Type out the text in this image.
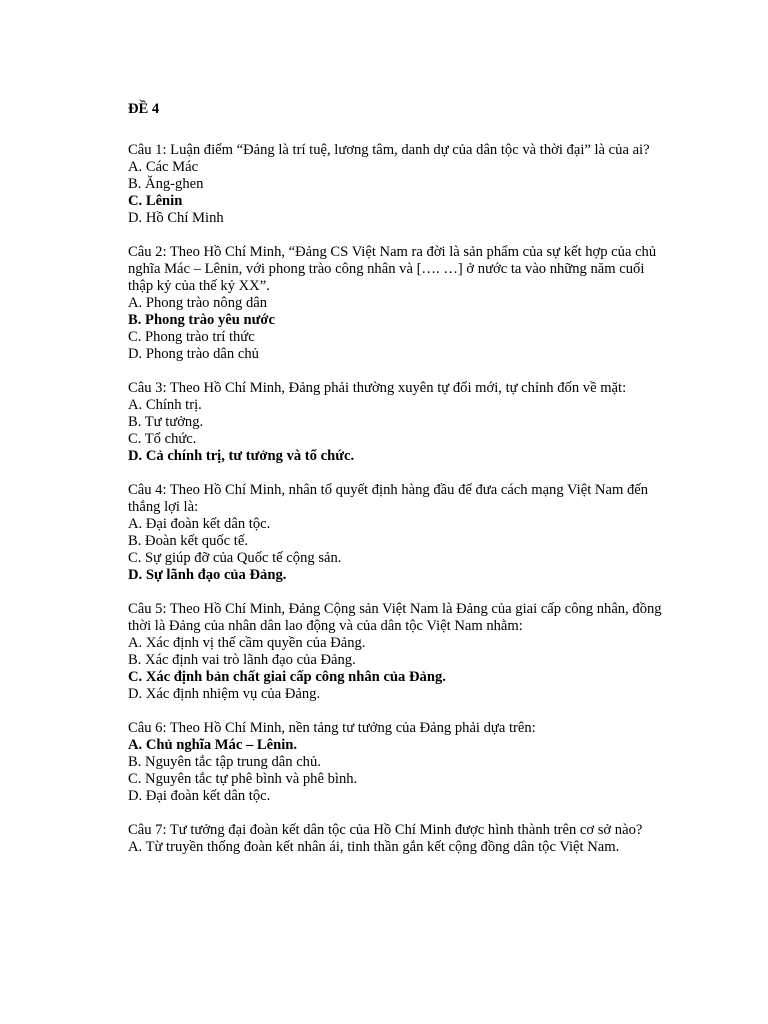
ĐỀ 4
Câu 1: Luận điểm “Đảng là trí tuệ, lương tâm, danh dự của dân tộc và thời đại” là của ai?
A. Các Mác
B. Ăng-ghen
C. Lênin
D. Hồ Chí Minh
Câu 2: Theo Hồ Chí Minh, “Đảng CS Việt Nam ra đời là sản phẩm của sự kết hợp của chủ nghĩa Mác – Lênin, với phong trào công nhân và […. …] ở nước ta vào những năm cuối thập kỷ của thế kỷ XX”.
A. Phong trào nông dân
B. Phong trào yêu nước
C. Phong trào trí thức
D. Phong trào dân chủ
Câu 3: Theo Hồ Chí Minh, Đảng phải thường xuyên tự đổi mới, tự chỉnh đốn về mặt:
A. Chính trị.
B. Tư tưởng.
C. Tổ chức.
D. Cả chính trị, tư tưởng và tổ chức.
Câu 4: Theo Hồ Chí Minh, nhân tố quyết định hàng đầu để đưa cách mạng Việt Nam đến thắng lợi là:
A. Đại đoàn kết dân tộc.
B. Đoàn kết quốc tế.
C. Sự giúp đỡ của Quốc tế cộng sản.
D. Sự lãnh đạo của Đảng.
Câu 5: Theo Hồ Chí Minh, Đảng Cộng sản Việt Nam là Đảng của giai cấp công nhân, đồng thời là Đảng của nhân dân lao động và của dân tộc Việt Nam nhằm:
A. Xác định vị thế cầm quyền của Đảng.
B. Xác định vai trò lãnh đạo của Đảng.
C. Xác định bản chất giai cấp công nhân của Đảng.
D. Xác định nhiệm vụ của Đảng.
Câu 6: Theo Hồ Chí Minh, nền tảng tư tưởng của Đảng phải dựa trên:
A. Chủ nghĩa Mác – Lênin.
B. Nguyên tắc tập trung dân chủ.
C. Nguyên tắc tự phê bình và phê bình.
D. Đại đoàn kết dân tộc.
Câu 7: Tư tưởng đại đoàn kết dân tộc của Hồ Chí Minh được hình thành trên cơ sở nào?
A. Từ truyền thống đoàn kết nhân ái, tinh thần gắn kết cộng đồng dân tộc Việt Nam.
